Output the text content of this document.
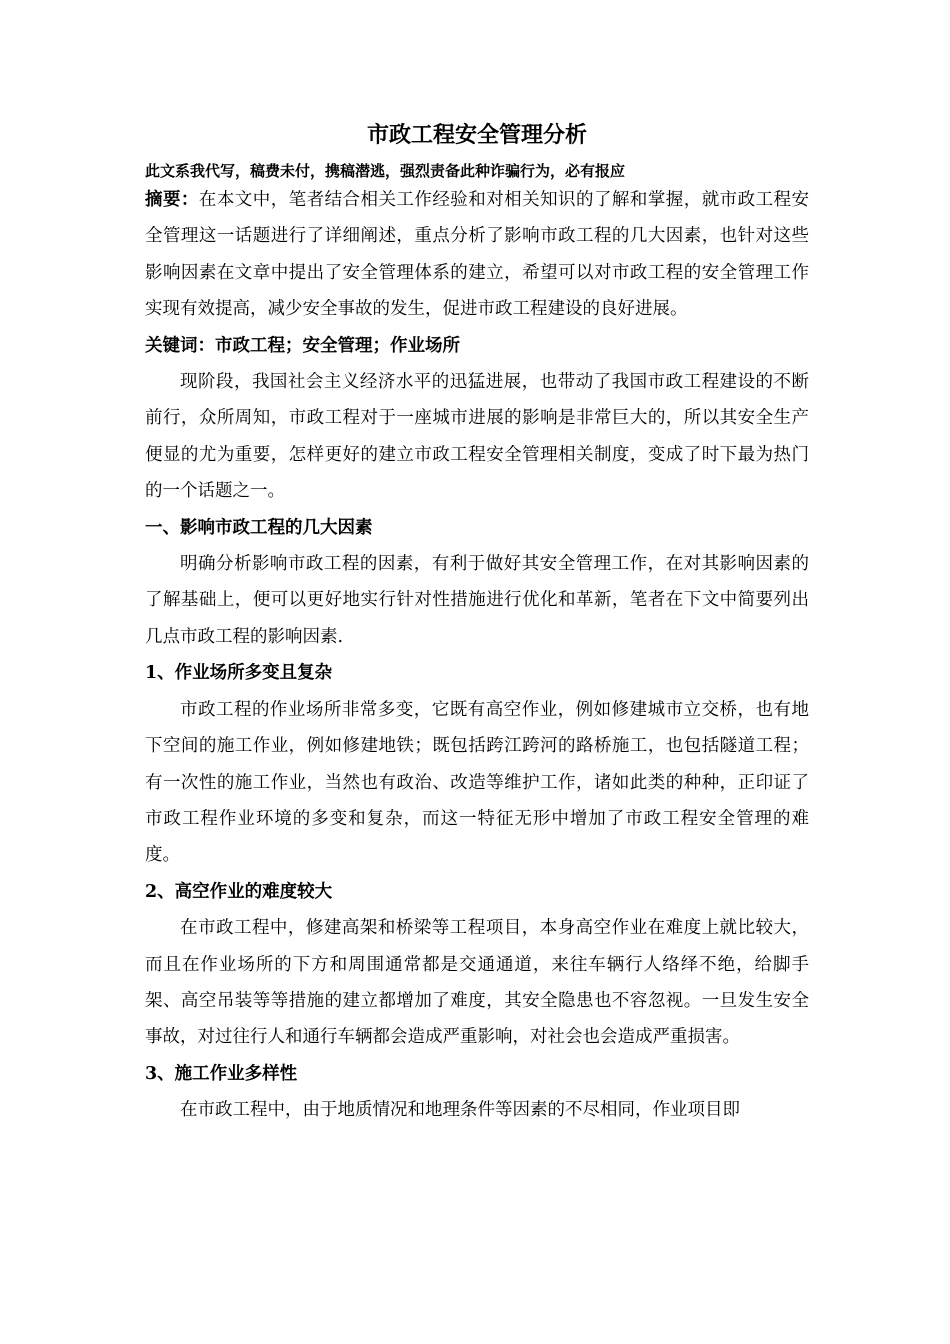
市政工程安全管理分析
此文系我代写，稿费未付，携稿潜逃，强烈责备此种诈骗行为，必有报应

摘要：在本文中，笔者结合相关工作经验和对相关知识的了解和掌握，就市政工程安全管理这一话题进行了详细阐述，重点分析了影响市政工程的几大因素，也针对这些影响因素在文章中提出了安全管理体系的建立，希望可以对市政工程的安全管理工作实现有效提高，减少安全事故的发生，促进市政工程建设的良好进展。

关键词：市政工程；安全管理；作业场所

现阶段，我国社会主义经济水平的迅猛进展，也带动了我国市政工程建设的不断前行，众所周知，市政工程对于一座城市进展的影响是非常巨大的，所以其安全生产便显的尤为重要，怎样更好的建立市政工程安全管理相关制度，变成了时下最为热门的一个话题之一。

一、影响市政工程的几大因素

明确分析影响市政工程的因素，有利于做好其安全管理工作，在对其影响因素的了解基础上，便可以更好地实行针对性措施进行优化和革新，笔者在下文中简要列出几点市政工程的影响因素.

1、作业场所多变且复杂

市政工程的作业场所非常多变，它既有高空作业，例如修建城市立交桥，也有地下空间的施工作业，例如修建地铁；既包括跨江跨河的路桥施工，也包括隧道工程；有一次性的施工作业，当然也有政治、改造等维护工作，诸如此类的种种，正印证了市政工程作业环境的多变和复杂，而这一特征无形中增加了市政工程安全管理的难度。

2、高空作业的难度较大

在市政工程中，修建高架和桥梁等工程项目，本身高空作业在难度上就比较大，而且在作业场所的下方和周围通常都是交通通道，来往车辆行人络绎不绝，给脚手架、高空吊装等等措施的建立都增加了难度，其安全隐患也不容忽视。一旦发生安全事故，对过往行人和通行车辆都会造成严重影响，对社会也会造成严重损害。

3、施工作业多样性

在市政工程中，由于地质情况和地理条件等因素的不尽相同，作业项目即
